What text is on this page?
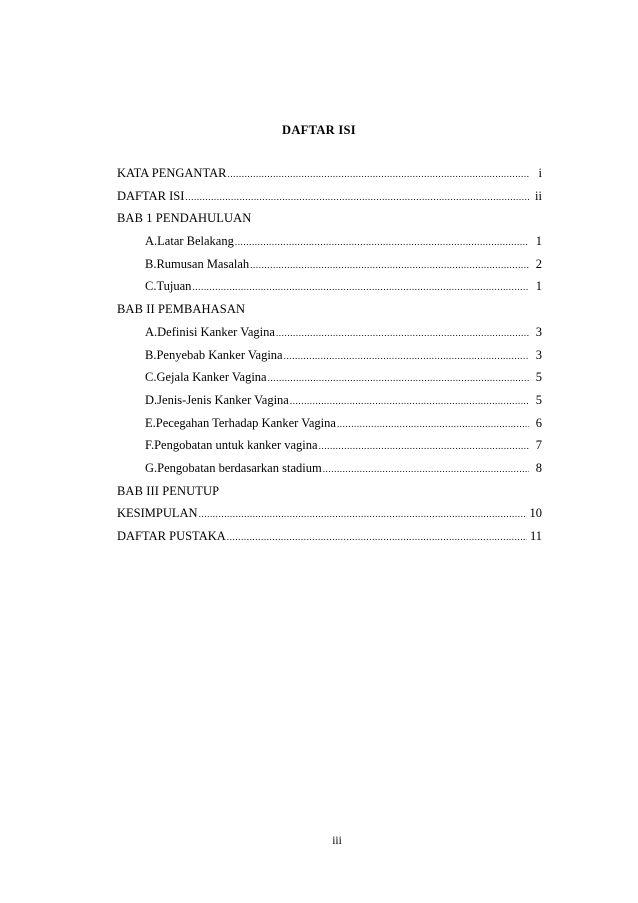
DAFTAR ISI
KATA PENGANTAR .....	i
DAFTAR ISI .....	ii
BAB 1 PENDAHULUAN
A. Latar Belakang .....	1
B. Rumusan Masalah .....	2
C. Tujuan .....	1
BAB II PEMBAHASAN
A. Definisi Kanker Vagina .....	3
B. Penyebab Kanker Vagina .....	3
C. Gejala Kanker Vagina .....	5
D. Jenis-Jenis Kanker Vagina .....	5
E. Pecegahan Terhadap Kanker Vagina .....	6
F. Pengobatan untuk kanker vagina .....	7
G. Pengobatan berdasarkan stadium .....	8
BAB III PENUTUP
KESIMPULAN .....	10
DAFTAR PUSTAKA .....	11
iii
